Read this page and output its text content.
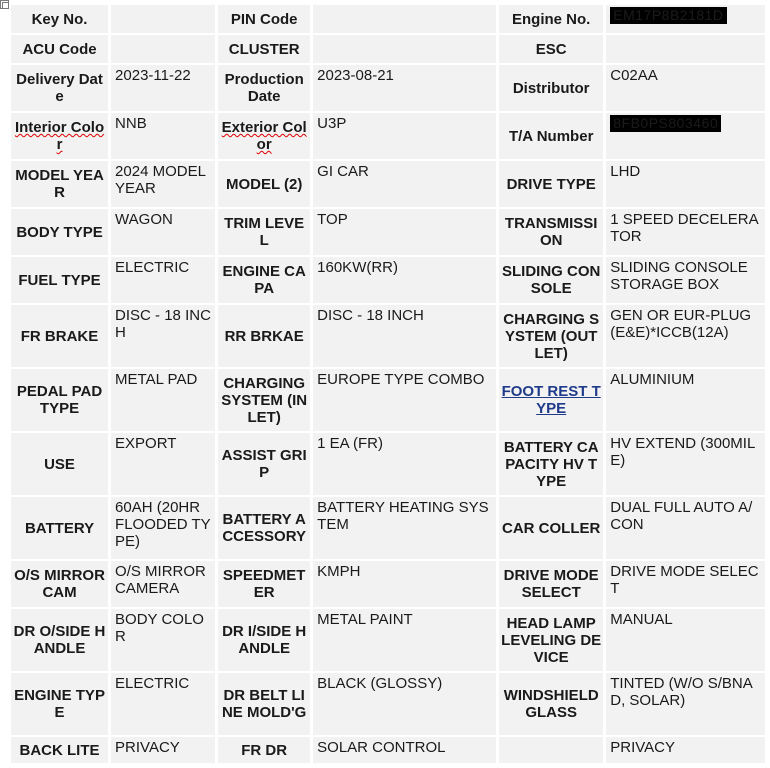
Key No.		PIN Code		Engine No.	EM17P8B2181D
ACU Code		CLUSTER		ESC	
Delivery Date	2023-11-22	Production Date	2023-08-21	Distributor	C02AA
Interior Color	NNB	Exterior Color	U3P	T/A Number	8FB0PS803460
MODEL YEAR	2024 MODEL YEAR	MODEL (2)	GI CAR	DRIVE TYPE	LHD
BODY TYPE	WAGON	TRIM LEVEL	TOP	TRANSMISSION	1 SPEED DECELERATOR
FUEL TYPE	ELECTRIC	ENGINE CAPA	160KW(RR)	SLIDING CONSOLE	SLIDING CONSOLE STORAGE BOX
FR BRAKE	DISC - 18 INCH	RR BRKAE	DISC - 18 INCH	CHARGING SYSTEM (OUTLET)	GEN OR EUR-PLUG(E&E)*ICCB(12A)
PEDAL PAD TYPE	METAL PAD	CHARGING SYSTEM (INLET)	EUROPE TYPE COMBO	FOOT REST TYPE	ALUMINIUM
USE	EXPORT	ASSIST GRIP	1 EA (FR)	BATTERY CAPACITY HV TYPE	HV EXTEND (300MILE)
BATTERY	60AH (20HR FLOODED TYPE)	BATTERY ACCESSORY	BATTERY HEATING SYSTEM	CAR COLLER	DUAL FULL AUTO A/CON
O/S MIRROR CAM	O/S MIRROR CAMERA	SPEEDMETER	KMPH	DRIVE MODE SELECT	DRIVE MODE SELECT
DR O/SIDE HANDLE	BODY COLOR	DR I/SIDE HANDLE	METAL PAINT	HEAD LAMP LEVELING DEVICE	MANUAL
ENGINE TYPE	ELECTRIC	DR BELT LINE MOLD'G	BLACK (GLOSSY)	WINDSHIELD GLASS	TINTED (W/O S/BNAD, SOLAR)
BACK LITE	PRIVACY	FR DR	SOLAR CONTROL		PRIVACY
